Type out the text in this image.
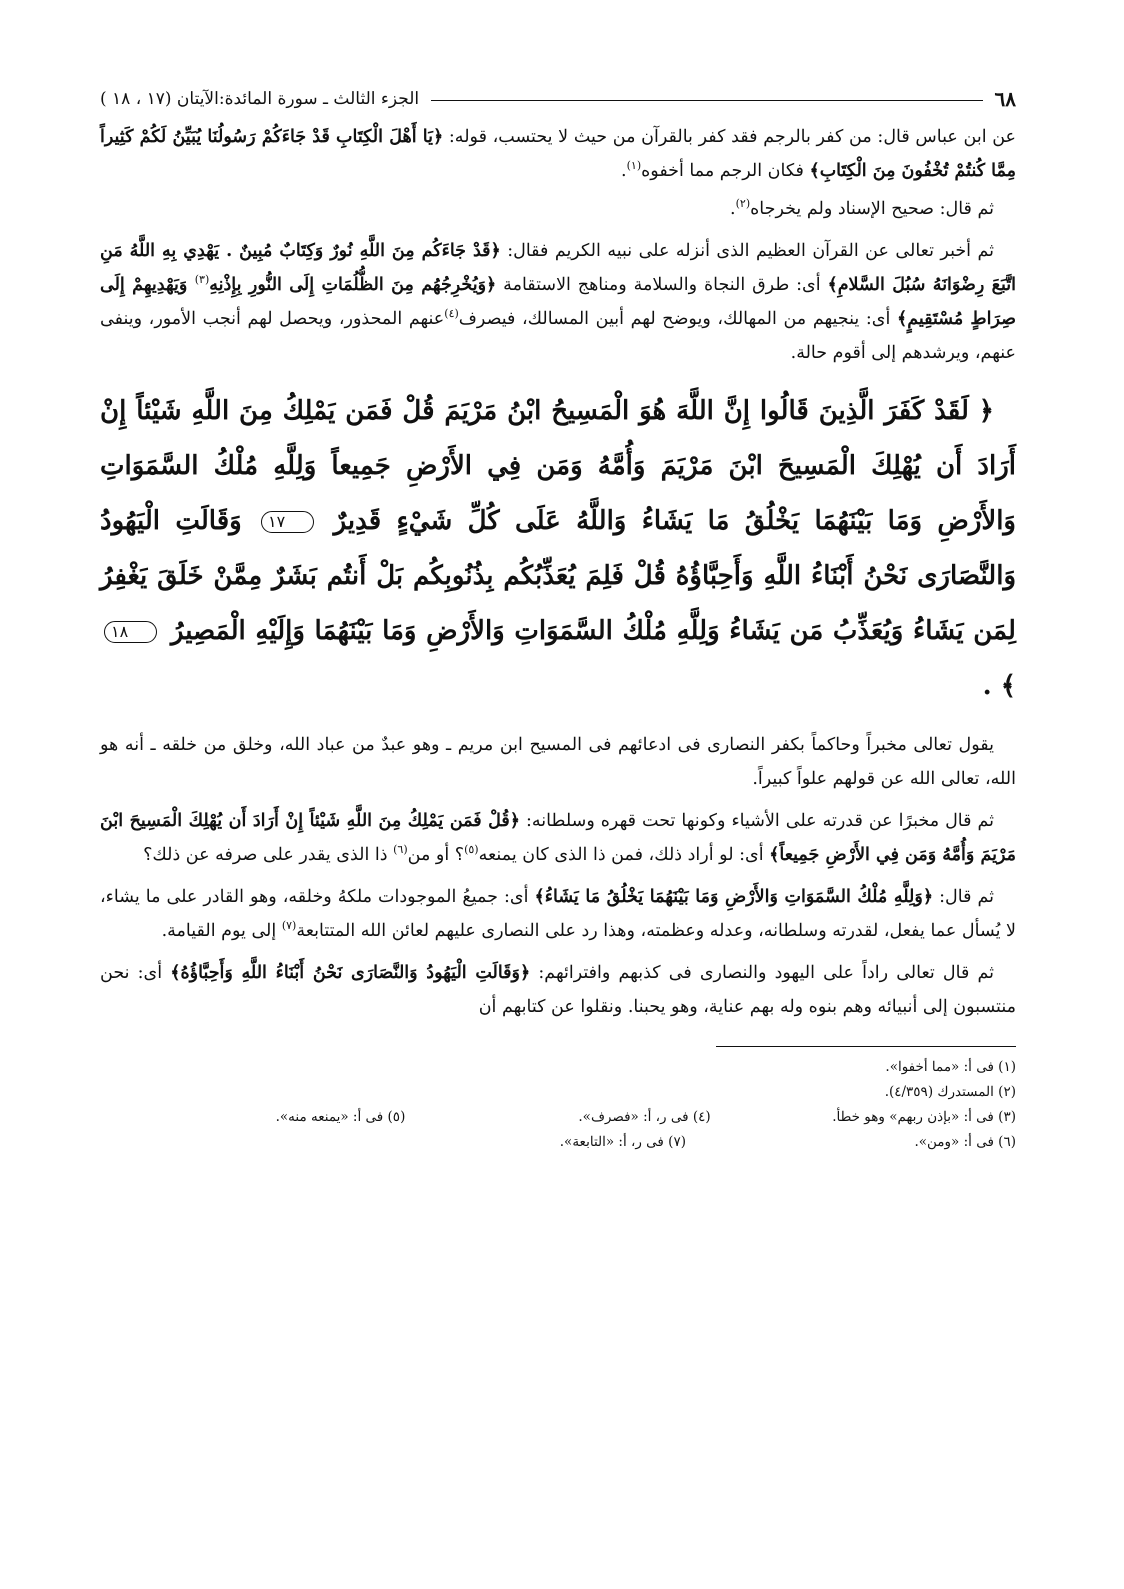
٦٨
الجزء الثالث ـ سورة المائدة:الآيتان (١٧ ، ١٨ )

عن ابن عباس قال: من كفر بالرجم فقد كفر بالقرآن من حيث لا يحتسب، قوله: ﴿يَا أَهْلَ الْكِتَابِ قَدْ جَاءَكُمْ رَسُولُنَا يُبَيِّنُ لَكُمْ كَثِيراً مِمَّا كُنتُمْ تُخْفُونَ مِنَ الْكِتَابِ﴾ فكان الرجم مما أخفوه$^{(١)}$.

ثم قال: صحيح الإسناد ولم يخرجاه$^{(٢)}$.

ثم أخبر تعالى عن القرآن العظيم الذى أنزله على نبيه الكريم فقال: ﴿قَدْ جَاءَكُم مِنَ اللَّهِ نُورٌ وَكِتَابٌ مُبِينٌ . يَهْدِي بِهِ اللَّهُ مَنِ اتَّبَعَ رِضْوَانَهُ سُبُلَ السَّلامِ﴾ أى: طرق النجاة والسلامة ومناهج الاستقامة ﴿وَيُخْرِجُهُم مِنَ الظُّلُمَاتِ إِلَى النُّورِ بِإِذْنِهِ$^{(٣)}$ وَيَهْدِيهِمْ إِلَى صِرَاطٍ مُسْتَقِيمٍ﴾ أى: ينجيهم من المهالك، ويوضح لهم أبين المسالك، فيصرف$^{(٤)}$عنهم المحذور، ويحصل لهم أنجب الأمور، وينفى عنهم، ويرشدهم إلى أقوم حالة.

﴿ لَقَدْ كَفَرَ الَّذِينَ قَالُوا إِنَّ اللَّهَ هُوَ الْمَسِيحُ ابْنُ مَرْيَمَ قُلْ فَمَن يَمْلِكُ مِنَ اللَّهِ شَيْئاً إِنْ أَرَادَ أَن يُهْلِكَ الْمَسِيحَ ابْنَ مَرْيَمَ وَأُمَّهُ وَمَن فِي الأَرْضِ جَمِيعاً وَلِلَّهِ مُلْكُ السَّمَوَاتِ وَالأَرْضِ وَمَا بَيْنَهُمَا يَخْلُقُ مَا يَشَاءُ وَاللَّهُ عَلَى كُلِّ شَيْءٍ قَدِيرٌ ١٧ وَقَالَتِ الْيَهُودُ وَالنَّصَارَى نَحْنُ أَبْنَاءُ اللَّهِ وَأَحِبَّاؤُهُ قُلْ فَلِمَ يُعَذِّبُكُم بِذُنُوبِكُم بَلْ أَنتُم بَشَرٌ مِمَّنْ خَلَقَ يَغْفِرُ لِمَن يَشَاءُ وَيُعَذِّبُ مَن يَشَاءُ وَلِلَّهِ مُلْكُ السَّمَوَاتِ وَالأَرْضِ وَمَا بَيْنَهُمَا وَإِلَيْهِ الْمَصِيرُ ١٨ ﴾ .

يقول تعالى مخبراً وحاكماً بكفر النصارى فى ادعائهم فى المسيح ابن مريم ـ وهو عبدٌ من عباد الله، وخلق من خلقه ـ أنه هو الله، تعالى الله عن قولهم علواً كبيراً.

ثم قال مخبرًا عن قدرته على الأشياء وكونها تحت قهره وسلطانه: ﴿قُلْ فَمَن يَمْلِكُ مِنَ اللَّهِ شَيْئاً إِنْ أَرَادَ أَن يُهْلِكَ الْمَسِيحَ ابْنَ مَرْيَمَ وَأُمَّهُ وَمَن فِي الأَرْضِ جَمِيعاً﴾ أى: لو أراد ذلك، فمن ذا الذى كان يمنعه$^{(٥)}$؟ أو من$^{(٦)}$ ذا الذى يقدر على صرفه عن ذلك؟

ثم قال: ﴿وَلِلَّهِ مُلْكُ السَّمَوَاتِ وَالأَرْضِ وَمَا بَيْنَهُمَا يَخْلُقُ مَا يَشَاءُ﴾ أى: جميعُ الموجودات ملكهُ وخلقه، وهو القادر على ما يشاء، لا يُسأل عما يفعل، لقدرته وسلطانه، وعدله وعظمته، وهذا رد على النصارى عليهم لعائن الله المتتابعة$^{(٧)}$ إلى يوم القيامة.

ثم قال تعالى راداً على اليهود والنصارى فى كذبهم وافترائهم: ﴿وَقَالَتِ الْيَهُودُ وَالنَّصَارَى نَحْنُ أَبْنَاءُ اللَّهِ وَأَحِبَّاؤُهُ﴾ أى: نحن منتسبون إلى أنبيائه وهم بنوه وله بهم عناية، وهو يحبنا. ونقلوا عن كتابهم أن

(١) فى أ: «مما أخفوا».
(٢) المستدرك (٤/٣٥٩).
(٣) فى أ: «بإذن ربهم» وهو خطأ.
(٤) فى ر، أ: «فصرف».
(٥) فى أ: «يمنعه منه».
(٦) فى أ: «ومن».
(٧) فى ر، أ: «التابعة».
